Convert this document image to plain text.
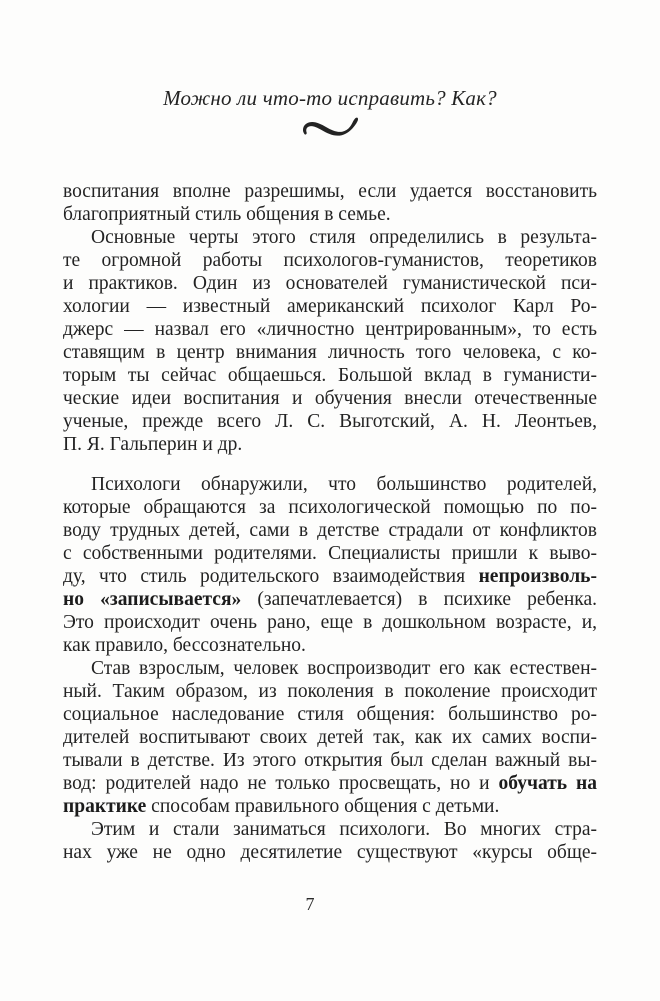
Можно ли что-то исправить? Как?
воспитания вполне разрешимы, если удается восстановить
благоприятный стиль общения в семье.
Основные черты этого стиля определились в результа-
те огромной работы психологов-гуманистов, теоретиков
и практиков. Один из основателей гуманистической пси-
хологии — известный американский психолог Карл Ро-
джерс — назвал его «личностно центрированным», то есть
ставящим в центр внимания личность того человека, с ко-
торым ты сейчас общаешься. Большой вклад в гуманисти-
ческие идеи воспитания и обучения внесли отечественные
ученые, прежде всего Л. С. Выготский, А. Н. Леонтьев,
П. Я. Гальперин и др.
Психологи обнаружили, что большинство родителей,
которые обращаются за психологической помощью по по-
воду трудных детей, сами в детстве страдали от конфликтов
с собственными родителями. Специалисты пришли к выво-
ду, что стиль родительского взаимодействия непроизволь-
но «записывается» (запечатлевается) в психике ребенка.
Это происходит очень рано, еще в дошкольном возрасте, и,
как правило, бессознательно.
Став взрослым, человек воспроизводит его как естествен-
ный. Таким образом, из поколения в поколение происходит
социальное наследование стиля общения: большинство ро-
дителей воспитывают своих детей так, как их самих воспи-
тывали в детстве. Из этого открытия был сделан важный вы-
вод: родителей надо не только просвещать, но и обучать на
практике способам правильного общения с детьми.
Этим и стали заниматься психологи. Во многих стра-
нах уже не одно десятилетие существуют «курсы обще-
7
